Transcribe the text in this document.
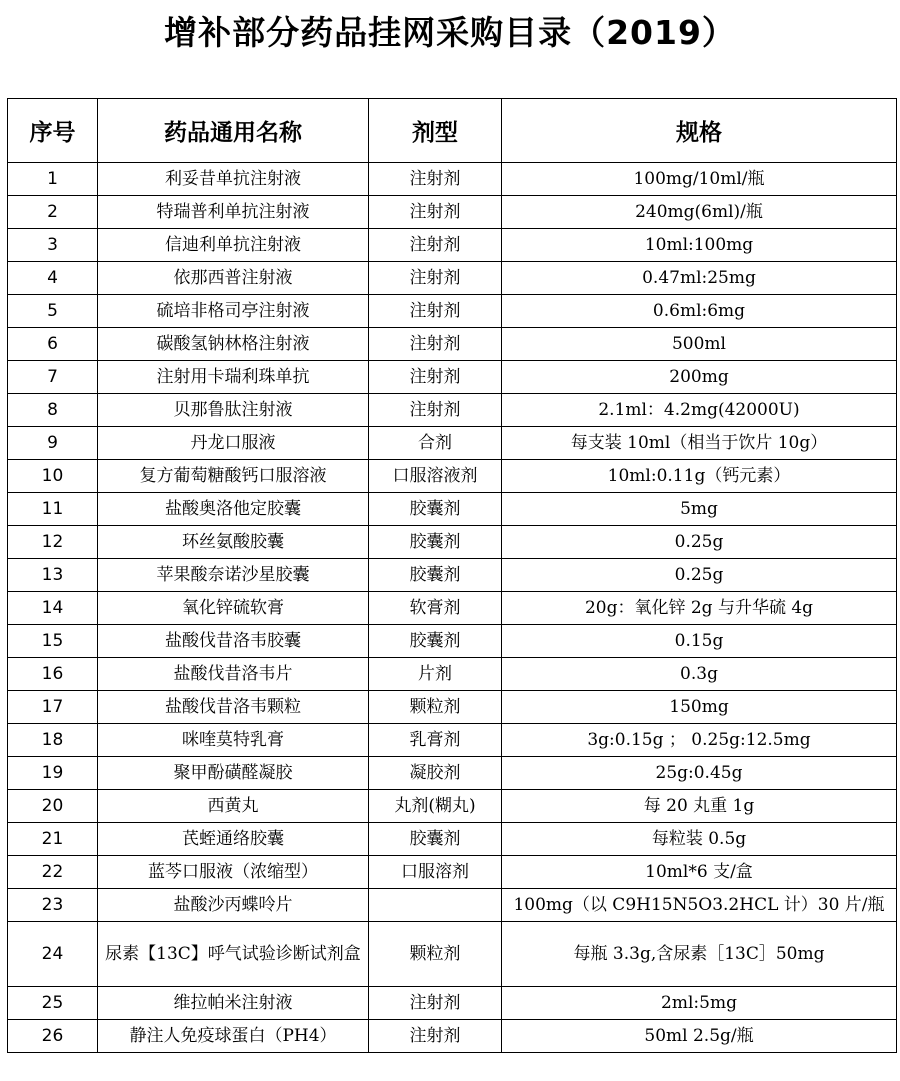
增补部分药品挂网采购目录（2019）
序号	药品通用名称	剂型	规格
1	利妥昔单抗注射液	注射剂	100mg/10ml/瓶
2	特瑞普利单抗注射液	注射剂	240mg(6ml)/瓶
3	信迪利单抗注射液	注射剂	10ml:100mg
4	依那西普注射液	注射剂	0.47ml:25mg
5	硫培非格司亭注射液	注射剂	0.6ml:6mg
6	碳酸氢钠林格注射液	注射剂	500ml
7	注射用卡瑞利珠单抗	注射剂	200mg
8	贝那鲁肽注射液	注射剂	2.1ml：4.2mg(42000U)
9	丹龙口服液	合剂	每支装 10ml（相当于饮片 10g）
10	复方葡萄糖酸钙口服溶液	口服溶液剂	10ml:0.11g（钙元素）
11	盐酸奥洛他定胶囊	胶囊剂	5mg
12	环丝氨酸胶囊	胶囊剂	0.25g
13	苹果酸奈诺沙星胶囊	胶囊剂	0.25g
14	氧化锌硫软膏	软膏剂	20g：氧化锌 2g 与升华硫 4g
15	盐酸伐昔洛韦胶囊	胶囊剂	0.15g
16	盐酸伐昔洛韦片	片剂	0.3g
17	盐酸伐昔洛韦颗粒	颗粒剂	150mg
18	咪喹莫特乳膏	乳膏剂	3g:0.15g ； 0.25g:12.5mg
19	聚甲酚磺醛凝胶	凝胶剂	25g:0.45g
20	西黄丸	丸剂(糊丸)	每 20 丸重 1g
21	芪蛭通络胶囊	胶囊剂	每粒装 0.5g
22	蓝芩口服液（浓缩型）	口服溶剂	10ml*6 支/盒
23	盐酸沙丙蝶呤片		100mg（以 C9H15N5O3.2HCL 计）30 片/瓶
24	尿素【13C】呼气试验诊断试剂盒	颗粒剂	每瓶 3.3g,含尿素［13C］50mg
25	维拉帕米注射液	注射剂	2ml:5mg
26	静注人免疫球蛋白（PH4）	注射剂	50ml 2.5g/瓶
